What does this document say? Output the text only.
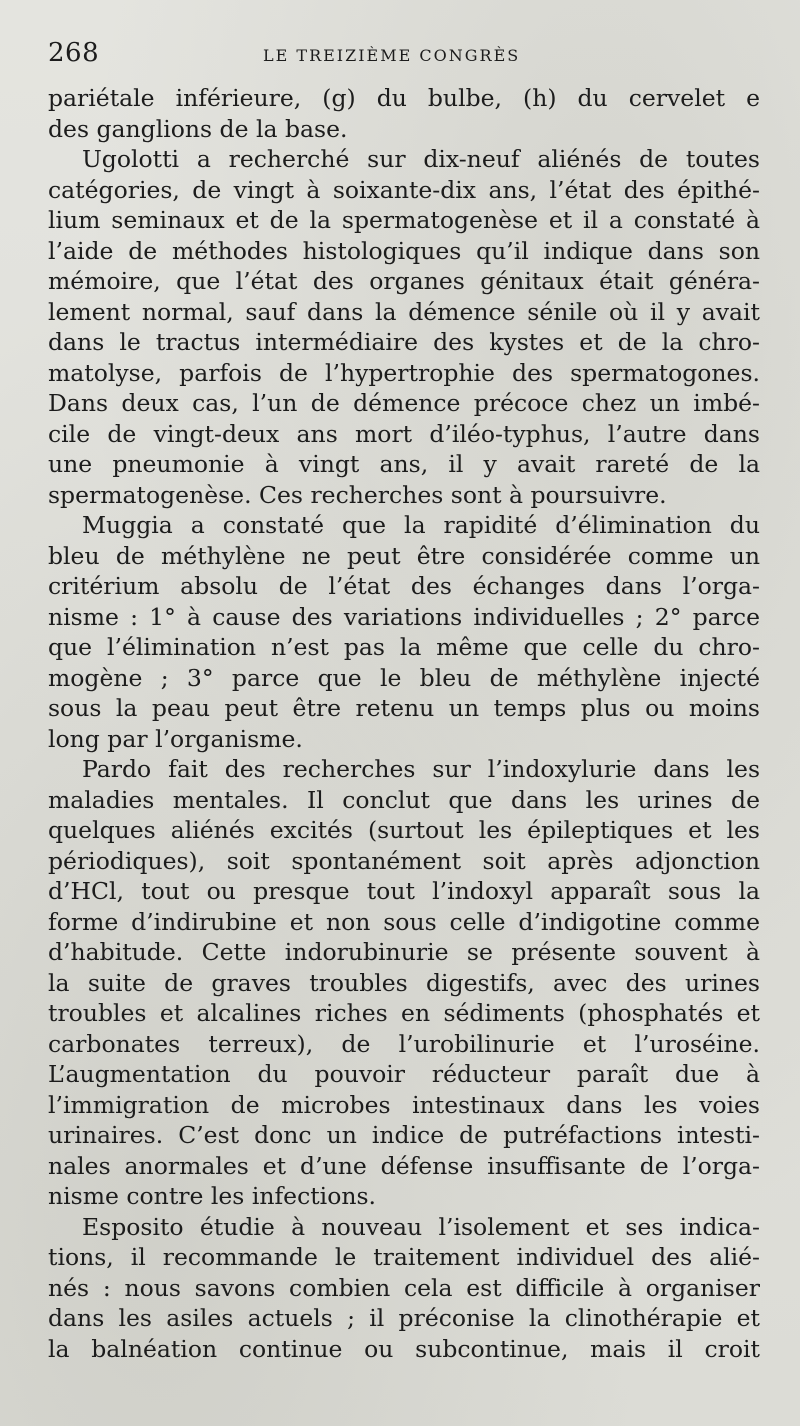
268	LE TREIZIÈME CONGRÈS
pariétale inférieure, (g) du bulbe, (h) du cervelet e
des ganglions de la base.
Ugolotti a recherché sur dix-neuf aliénés de toutes
catégories, de vingt à soixante-dix ans, l’état des épithé-
lium seminaux et de la spermatogenèse et il a constaté à
l’aide de méthodes histologiques qu’il indique dans son
mémoire, que l’état des organes génitaux était généra-
lement normal, sauf dans la démence sénile où il y avait
dans le tractus intermédiaire des kystes et de la chro-
matolyse, parfois de l’hypertrophie des spermatogones.
Dans deux cas, l’un de démence précoce chez un imbé-
cile de vingt-deux ans mort d’iléo-typhus, l’autre dans
une pneumonie à vingt ans, il y avait rareté de la
spermatogenèse. Ces recherches sont à poursuivre.
Muggia a constaté que la rapidité d’élimination du
bleu de méthylène ne peut être considérée comme un
critérium absolu de l’état des échanges dans l’orga-
nisme : 1° à cause des variations individuelles ; 2° parce
que l’élimination n’est pas la même que celle du chro-
mogène ; 3° parce que le bleu de méthylène injecté
sous la peau peut être retenu un temps plus ou moins
long par l’organisme.
Pardo fait des recherches sur l’indoxylurie dans les
maladies mentales. Il conclut que dans les urines de
quelques aliénés excités (surtout les épileptiques et les
périodiques), soit spontanément soit après adjonction
d’HCl, tout ou presque tout l’indoxyl apparaît sous la
forme d’indirubine et non sous celle d’indigotine comme
d’habitude. Cette indorubinurie se présente souvent à
la suite de graves troubles digestifs, avec des urines
troubles et alcalines riches en sédiments (phosphatés et
carbonates terreux), de l’urobilinurie et l’uroséine.
L’augmentation du pouvoir réducteur paraît due à
l’immigration de microbes intestinaux dans les voies
urinaires. C’est donc un indice de putréfactions intesti-
nales anormales et d’une défense insuffisante de l’orga-
nisme contre les infections.
Esposito étudie à nouveau l’isolement et ses indica-
tions, il recommande le traitement individuel des alié-
nés : nous savons combien cela est difficile à organiser
dans les asiles actuels ; il préconise la clinothérapie et
la balnéation continue ou subcontinue, mais il croit
